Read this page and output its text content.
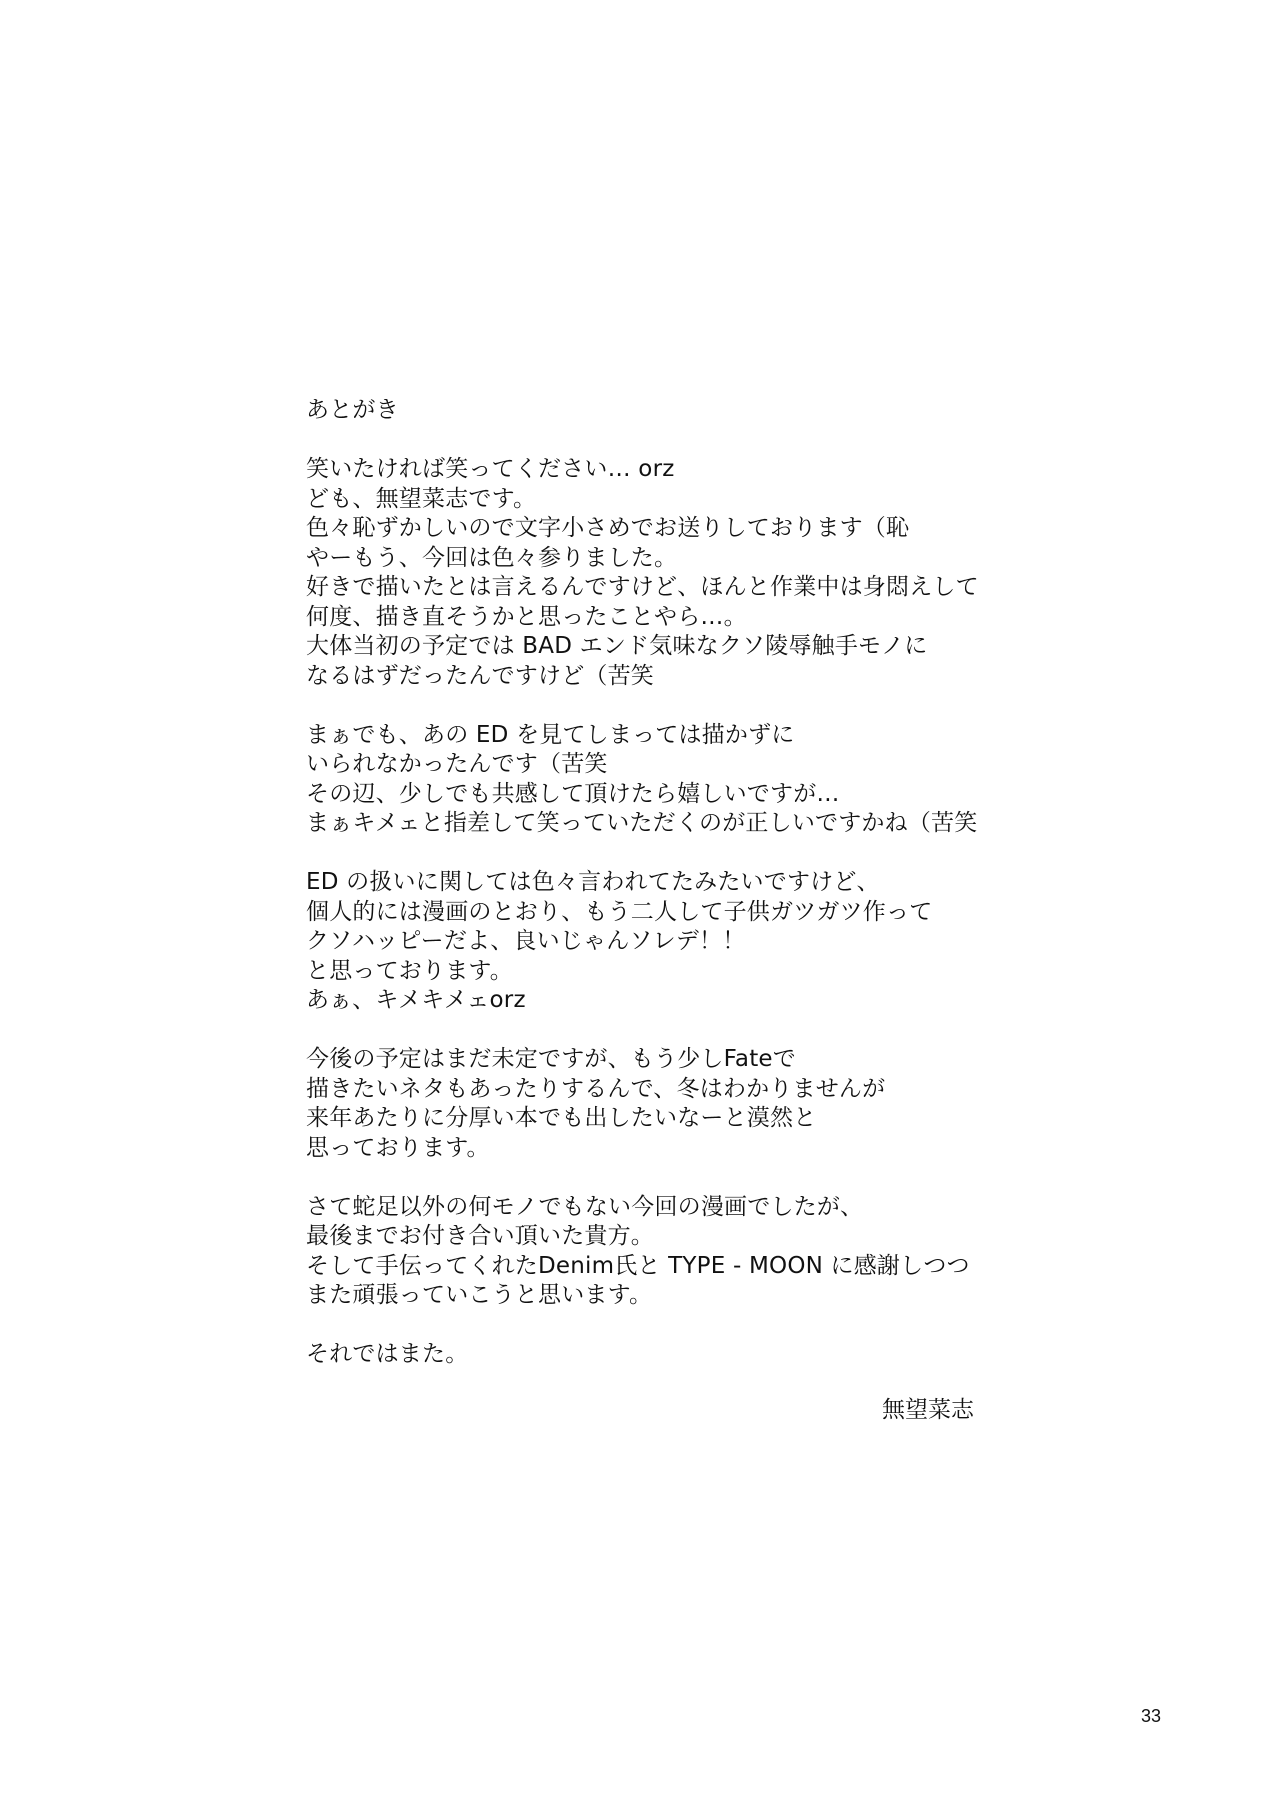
あとがき
笑いたければ笑ってください… orz
ども、無望菜志です。
色々恥ずかしいので文字小さめでお送りしております（恥
やーもう、今回は色々参りました。
好きで描いたとは言えるんですけど、ほんと作業中は身悶えして
何度、描き直そうかと思ったことやら…。
大体当初の予定では BAD エンド気味なクソ陵辱触手モノに
なるはずだったんですけど（苦笑
まぁでも、あの ED を見てしまっては描かずに
いられなかったんです（苦笑
その辺、少しでも共感して頂けたら嬉しいですが…
まぁキメェと指差して笑っていただくのが正しいですかね（苦笑
ED の扱いに関しては色々言われてたみたいですけど、
個人的には漫画のとおり、もう二人して子供ガツガツ作って
クソハッピーだよ、良いじゃんソレデ！！
と思っております。
あぁ、キメキメェorz
今後の予定はまだ未定ですが、もう少しFateで
描きたいネタもあったりするんで、冬はわかりませんが
来年あたりに分厚い本でも出したいなーと漠然と
思っております。
さて蛇足以外の何モノでもない今回の漫画でしたが、
最後までお付き合い頂いた貴方。
そして手伝ってくれたDenim氏と TYPE - MOON に感謝しつつ
また頑張っていこうと思います。
それではまた。
無望菜志
33
